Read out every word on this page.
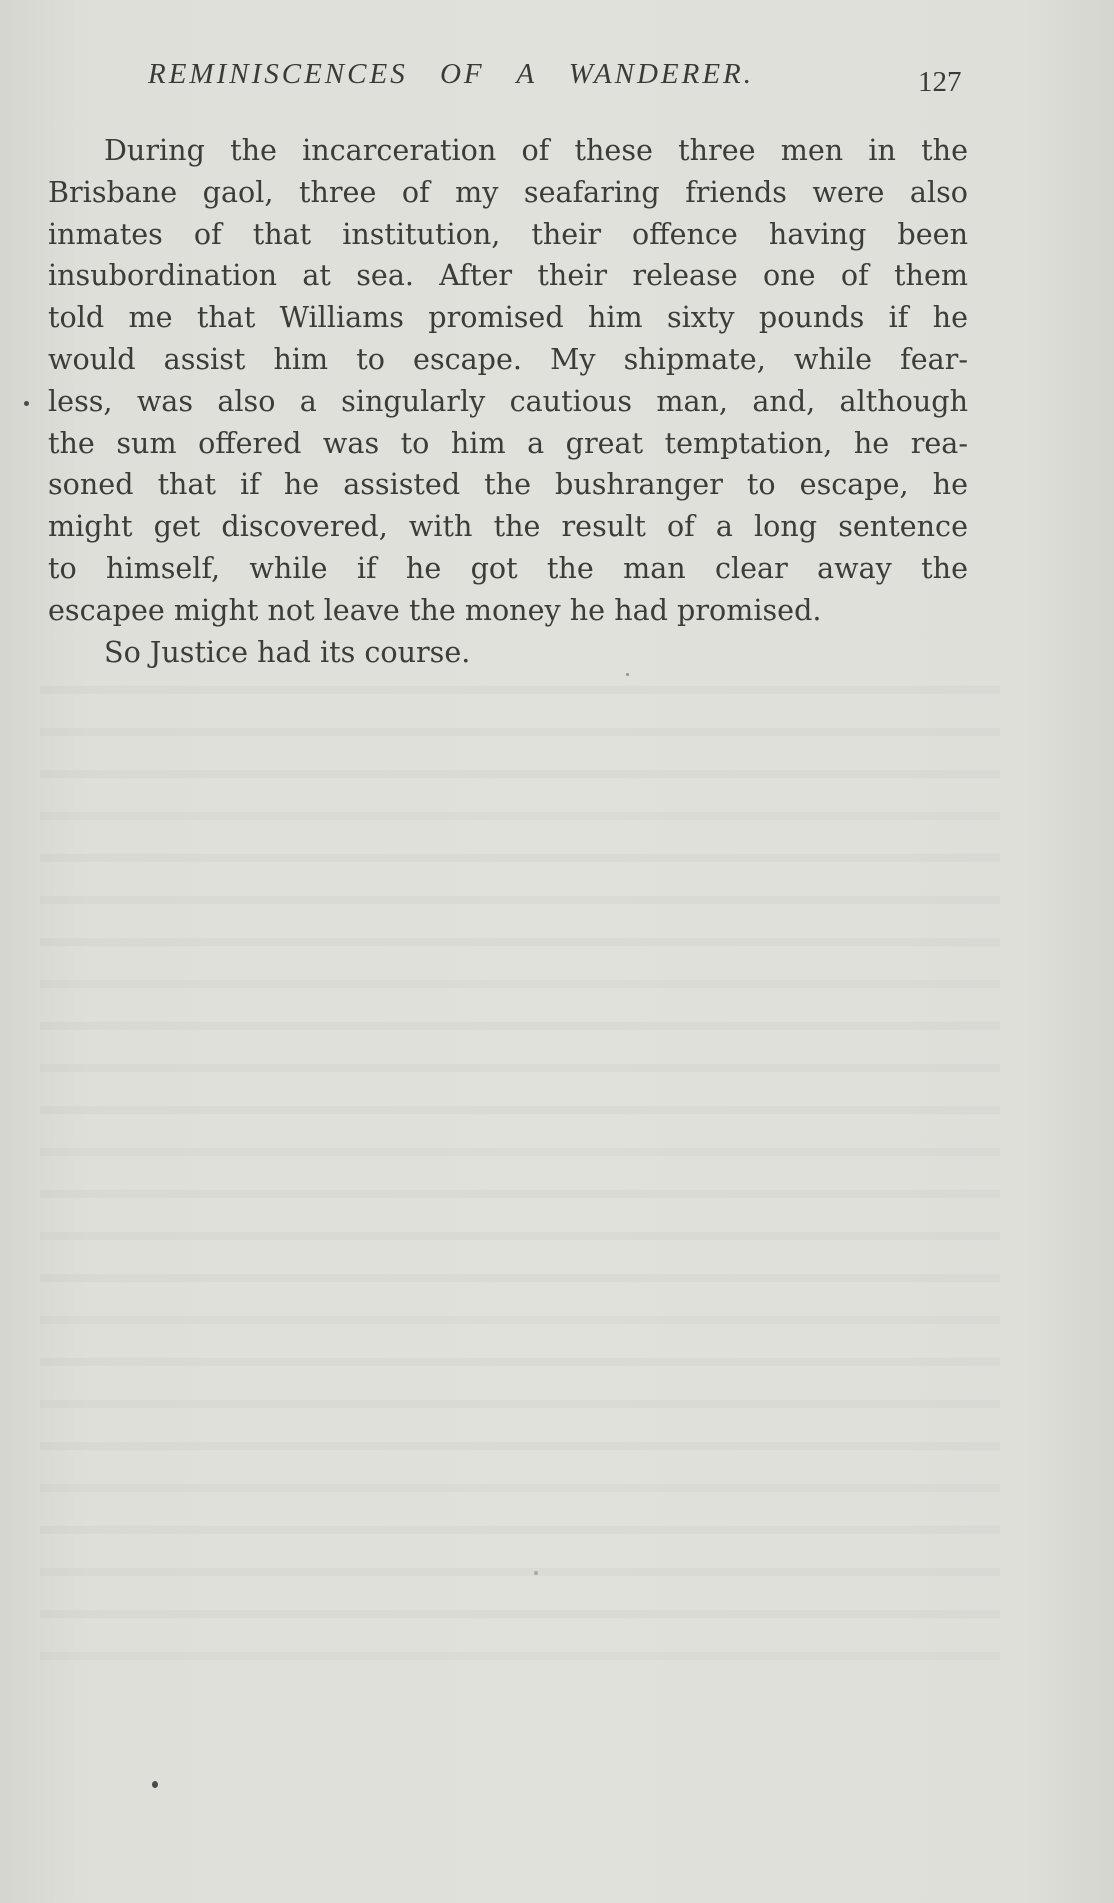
REMINISCENCES OF A WANDERER.	127
During the incarceration of these three men in the
Brisbane gaol, three of my seafaring friends were also
inmates of that institution, their offence having been
insubordination at sea. After their release one of them
told me that Williams promised him sixty pounds if he
would assist him to escape. My shipmate, while fear-
less, was also a singularly cautious man, and, although
the sum offered was to him a great temptation, he rea-
soned that if he assisted the bushranger to escape, he
might get discovered, with the result of a long sentence
to himself, while if he got the man clear away the
escapee might not leave the money he had promised.
So Justice had its course.
